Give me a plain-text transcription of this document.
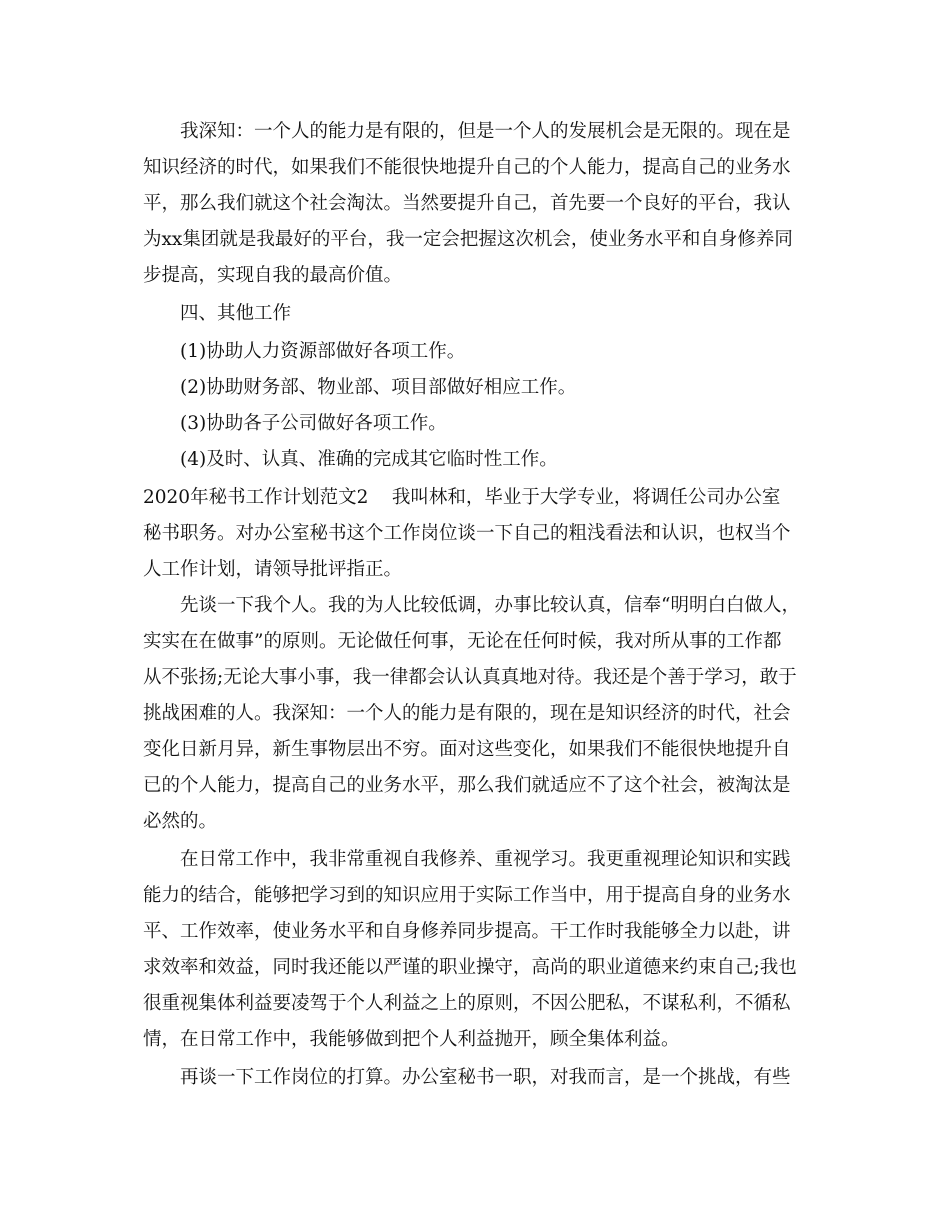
我深知：一个人的能力是有限的，但是一个人的发展机会是无限的。现在是
知识经济的时代，如果我们不能很快地提升自己的个人能力，提高自己的业务水
平，那么我们就这个社会淘汰。当然要提升自己，首先要一个良好的平台，我认
为xx集团就是我最好的平台，我一定会把握这次机会，使业务水平和自身修养同
步提高，实现自我的最高价值。
四、其他工作
(1)协助人力资源部做好各项工作。
(2)协助财务部、物业部、项目部做好相应工作。
(3)协助各子公司做好各项工作。
(4)及时、认真、准确的完成其它临时性工作。
2020年秘书工作计划范文2    我叫林和，毕业于大学专业，将调任公司办公室
秘书职务。对办公室秘书这个工作岗位谈一下自己的粗浅看法和认识，也权当个
人工作计划，请领导批评指正。
先谈一下我个人。我的为人比较低调，办事比较认真，信奉“明明白白做人，
实实在在做事”的原则。无论做任何事，无论在任何时候，我对所从事的工作都
从不张扬;无论大事小事，我一律都会认认真真地对待。我还是个善于学习，敢于
挑战困难的人。我深知：一个人的能力是有限的，现在是知识经济的时代，社会
变化日新月异，新生事物层出不穷。面对这些变化，如果我们不能很快地提升自
已的个人能力，提高自己的业务水平，那么我们就适应不了这个社会，被淘汰是
必然的。
在日常工作中，我非常重视自我修养、重视学习。我更重视理论知识和实践
能力的结合，能够把学习到的知识应用于实际工作当中，用于提高自身的业务水
平、工作效率，使业务水平和自身修养同步提高。干工作时我能够全力以赴，讲
求效率和效益，同时我还能以严谨的职业操守，高尚的职业道德来约束自己;我也
很重视集体利益要凌驾于个人利益之上的原则，不因公肥私，不谋私利，不循私
情，在日常工作中，我能够做到把个人利益抛开，顾全集体利益。
再谈一下工作岗位的打算。办公室秘书一职，对我而言，是一个挑战，有些
